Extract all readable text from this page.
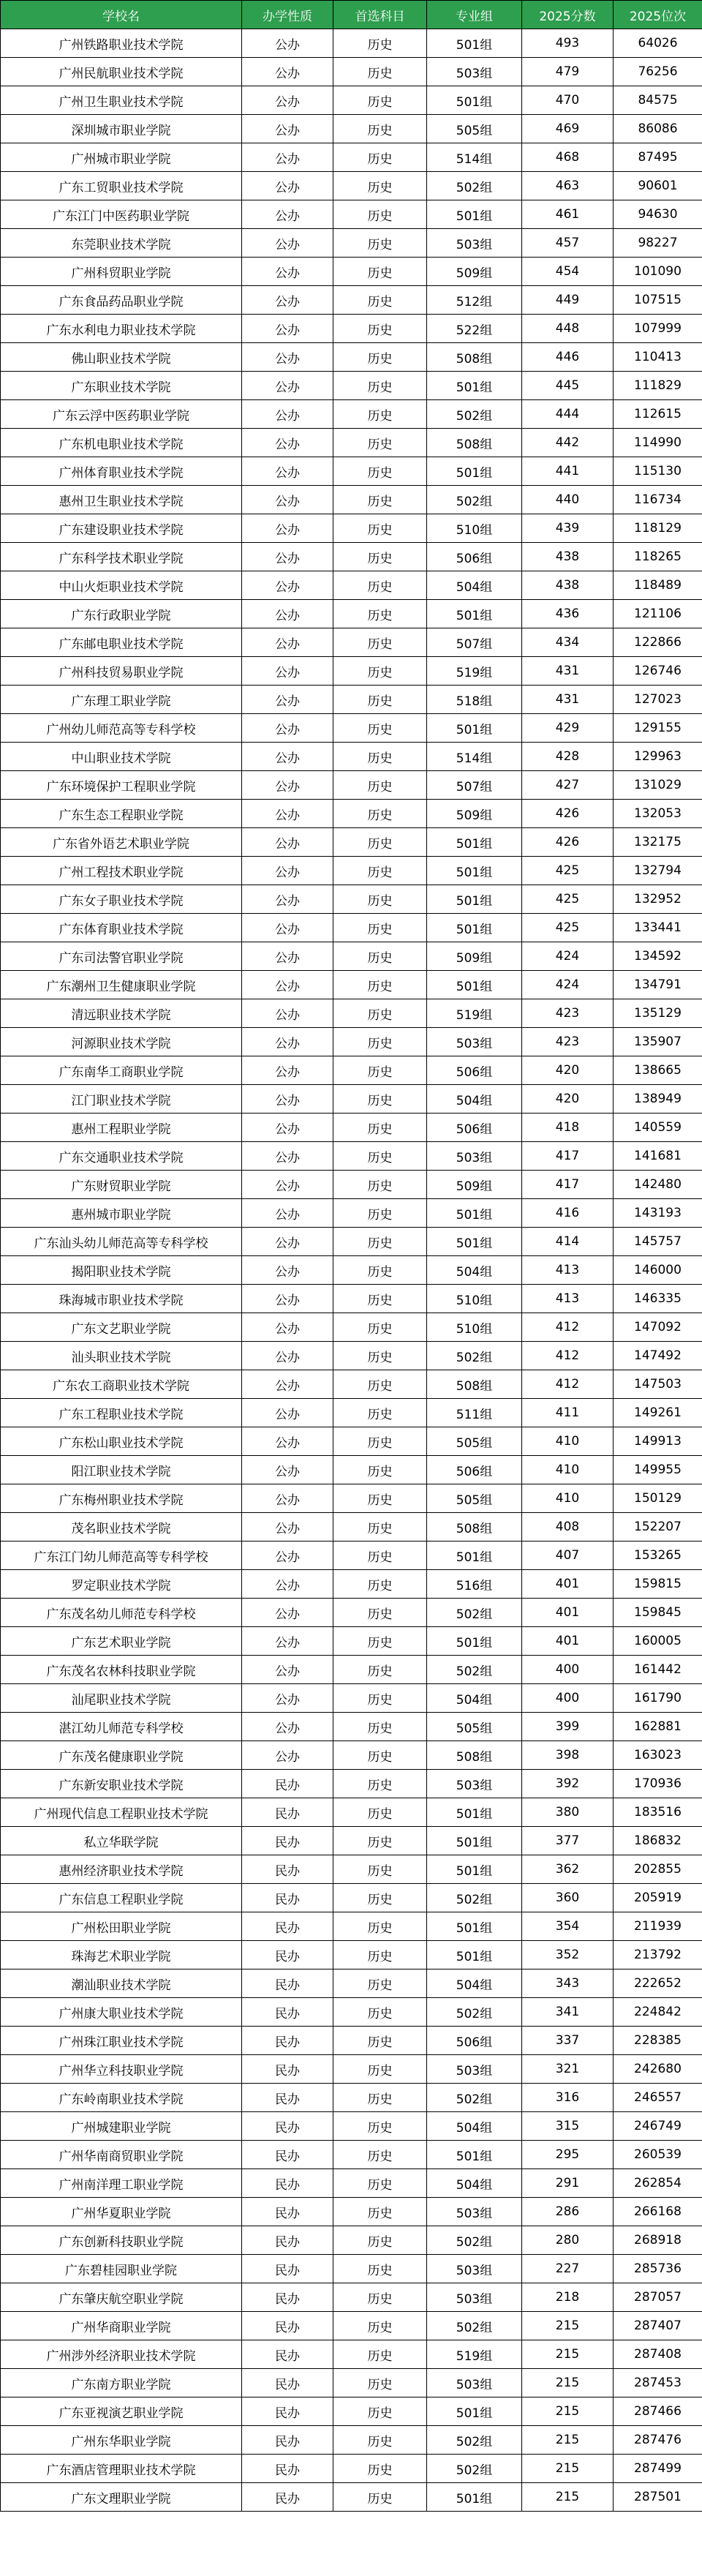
学校名	办学性质	首选科目	专业组	2025分数	2025位次
广州铁路职业技术学院	公办	历史	501组	493	64026
广州民航职业技术学院	公办	历史	503组	479	76256
广州卫生职业技术学院	公办	历史	501组	470	84575
深圳城市职业学院	公办	历史	505组	469	86086
广州城市职业学院	公办	历史	514组	468	87495
广东工贸职业技术学院	公办	历史	502组	463	90601
广东江门中医药职业学院	公办	历史	501组	461	94630
东莞职业技术学院	公办	历史	503组	457	98227
广州科贸职业学院	公办	历史	509组	454	101090
广东食品药品职业学院	公办	历史	512组	449	107515
广东水利电力职业技术学院	公办	历史	522组	448	107999
佛山职业技术学院	公办	历史	508组	446	110413
广东职业技术学院	公办	历史	501组	445	111829
广东云浮中医药职业学院	公办	历史	502组	444	112615
广东机电职业技术学院	公办	历史	508组	442	114990
广州体育职业技术学院	公办	历史	501组	441	115130
惠州卫生职业技术学院	公办	历史	502组	440	116734
广东建设职业技术学院	公办	历史	510组	439	118129
广东科学技术职业学院	公办	历史	506组	438	118265
中山火炬职业技术学院	公办	历史	504组	438	118489
广东行政职业学院	公办	历史	501组	436	121106
广东邮电职业技术学院	公办	历史	507组	434	122866
广州科技贸易职业学院	公办	历史	519组	431	126746
广东理工职业学院	公办	历史	518组	431	127023
广州幼儿师范高等专科学校	公办	历史	501组	429	129155
中山职业技术学院	公办	历史	514组	428	129963
广东环境保护工程职业学院	公办	历史	507组	427	131029
广东生态工程职业学院	公办	历史	509组	426	132053
广东省外语艺术职业学院	公办	历史	501组	426	132175
广州工程技术职业学院	公办	历史	501组	425	132794
广东女子职业技术学院	公办	历史	501组	425	132952
广东体育职业技术学院	公办	历史	501组	425	133441
广东司法警官职业学院	公办	历史	509组	424	134592
广东潮州卫生健康职业学院	公办	历史	501组	424	134791
清远职业技术学院	公办	历史	519组	423	135129
河源职业技术学院	公办	历史	503组	423	135907
广东南华工商职业学院	公办	历史	506组	420	138665
江门职业技术学院	公办	历史	504组	420	138949
惠州工程职业学院	公办	历史	506组	418	140559
广东交通职业技术学院	公办	历史	503组	417	141681
广东财贸职业学院	公办	历史	509组	417	142480
惠州城市职业学院	公办	历史	501组	416	143193
广东汕头幼儿师范高等专科学校	公办	历史	501组	414	145757
揭阳职业技术学院	公办	历史	504组	413	146000
珠海城市职业技术学院	公办	历史	510组	413	146335
广东文艺职业学院	公办	历史	510组	412	147092
汕头职业技术学院	公办	历史	502组	412	147492
广东农工商职业技术学院	公办	历史	508组	412	147503
广东工程职业技术学院	公办	历史	511组	411	149261
广东松山职业技术学院	公办	历史	505组	410	149913
阳江职业技术学院	公办	历史	506组	410	149955
广东梅州职业技术学院	公办	历史	505组	410	150129
茂名职业技术学院	公办	历史	508组	408	152207
广东江门幼儿师范高等专科学校	公办	历史	501组	407	153265
罗定职业技术学院	公办	历史	516组	401	159815
广东茂名幼儿师范专科学校	公办	历史	502组	401	159845
广东艺术职业学院	公办	历史	501组	401	160005
广东茂名农林科技职业学院	公办	历史	502组	400	161442
汕尾职业技术学院	公办	历史	504组	400	161790
湛江幼儿师范专科学校	公办	历史	505组	399	162881
广东茂名健康职业学院	公办	历史	508组	398	163023
广东新安职业技术学院	民办	历史	503组	392	170936
广州现代信息工程职业技术学院	民办	历史	501组	380	183516
私立华联学院	民办	历史	501组	377	186832
惠州经济职业技术学院	民办	历史	501组	362	202855
广东信息工程职业学院	民办	历史	502组	360	205919
广州松田职业学院	民办	历史	501组	354	211939
珠海艺术职业学院	民办	历史	501组	352	213792
潮汕职业技术学院	民办	历史	504组	343	222652
广州康大职业技术学院	民办	历史	502组	341	224842
广州珠江职业技术学院	民办	历史	506组	337	228385
广州华立科技职业学院	民办	历史	503组	321	242680
广东岭南职业技术学院	民办	历史	502组	316	246557
广州城建职业学院	民办	历史	504组	315	246749
广州华南商贸职业学院	民办	历史	501组	295	260539
广州南洋理工职业学院	民办	历史	504组	291	262854
广州华夏职业学院	民办	历史	503组	286	266168
广东创新科技职业学院	民办	历史	502组	280	268918
广东碧桂园职业学院	民办	历史	503组	227	285736
广东肇庆航空职业学院	民办	历史	503组	218	287057
广州华商职业学院	民办	历史	502组	215	287407
广州涉外经济职业技术学院	民办	历史	519组	215	287408
广东南方职业学院	民办	历史	503组	215	287453
广东亚视演艺职业学院	民办	历史	501组	215	287466
广州东华职业学院	民办	历史	502组	215	287476
广东酒店管理职业技术学院	民办	历史	502组	215	287499
广东文理职业学院	民办	历史	501组	215	287501
